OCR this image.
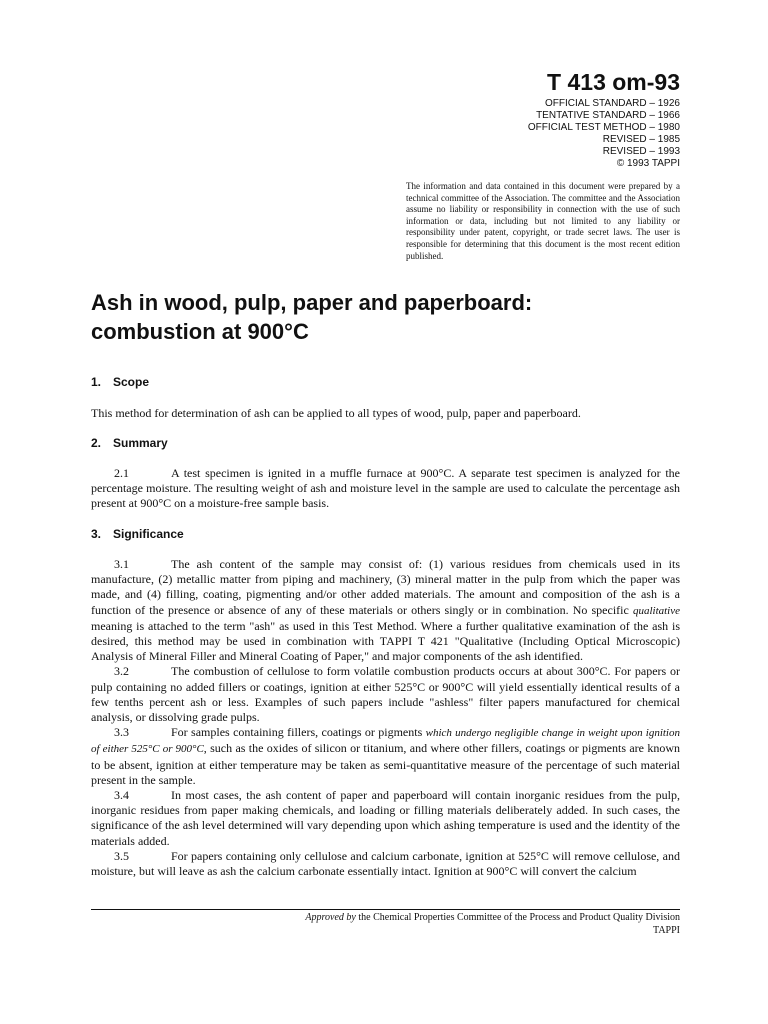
T 413 om-93
OFFICIAL STANDARD – 1926
TENTATIVE STANDARD – 1966
OFFICIAL TEST METHOD – 1980
REVISED – 1985
REVISED – 1993
© 1993 TAPPI

The information and data contained in this document were prepared by a technical committee of the Association. The committee and the Association assume no liability or responsibility in connection with the use of such information or data, including but not limited to any liability or responsibility under patent, copyright, or trade secret laws. The user is responsible for determining that this document is the most recent edition published.

Ash in wood, pulp, paper and paperboard:
combustion at 900°C
1. Scope

This method for determination of ash can be applied to all types of wood, pulp, paper and paperboard.

2. Summary

2.1	A test specimen is ignited in a muffle furnace at 900°C. A separate test specimen is analyzed for the percentage moisture. The resulting weight of ash and moisture level in the sample are used to calculate the percentage ash present at 900°C on a moisture-free sample basis.

3. Significance

3.1	The ash content of the sample may consist of: (1) various residues from chemicals used in its manufacture, (2) metallic matter from piping and machinery, (3) mineral matter in the pulp from which the paper was made, and (4) filling, coating, pigmenting and/or other added materials. The amount and composition of the ash is a function of the presence or absence of any of these materials or others singly or in combination. No specific qualitative meaning is attached to the term "ash" as used in this Test Method. Where a further qualitative examination of the ash is desired, this method may be used in combination with TAPPI T 421 "Qualitative (Including Optical Microscopic) Analysis of Mineral Filler and Mineral Coating of Paper," and major components of the ash identified.

3.2	The combustion of cellulose to form volatile combustion products occurs at about 300°C. For papers or pulp containing no added fillers or coatings, ignition at either 525°C or 900°C will yield essentially identical results of a few tenths percent ash or less. Examples of such papers include "ashless" filter papers manufactured for chemical analysis, or dissolving grade pulps.

3.3	For samples containing fillers, coatings or pigments which undergo negligible change in weight upon ignition of either 525°C or 900°C, such as the oxides of silicon or titanium, and where other fillers, coatings or pigments are known to be absent, ignition at either temperature may be taken as semi-quantitative measure of the percentage of such material present in the sample.

3.4	In most cases, the ash content of paper and paperboard will contain inorganic residues from the pulp, inorganic residues from paper making chemicals, and loading or filling materials deliberately added. In such cases, the significance of the ash level determined will vary depending upon which ashing temperature is used and the identity of the materials added.

3.5	For papers containing only cellulose and calcium carbonate, ignition at 525°C will remove cellulose, and moisture, but will leave as ash the calcium carbonate essentially intact. Ignition at 900°C will convert the calcium

Approved by the Chemical Properties Committee of the Process and Product Quality Division
TAPPI
